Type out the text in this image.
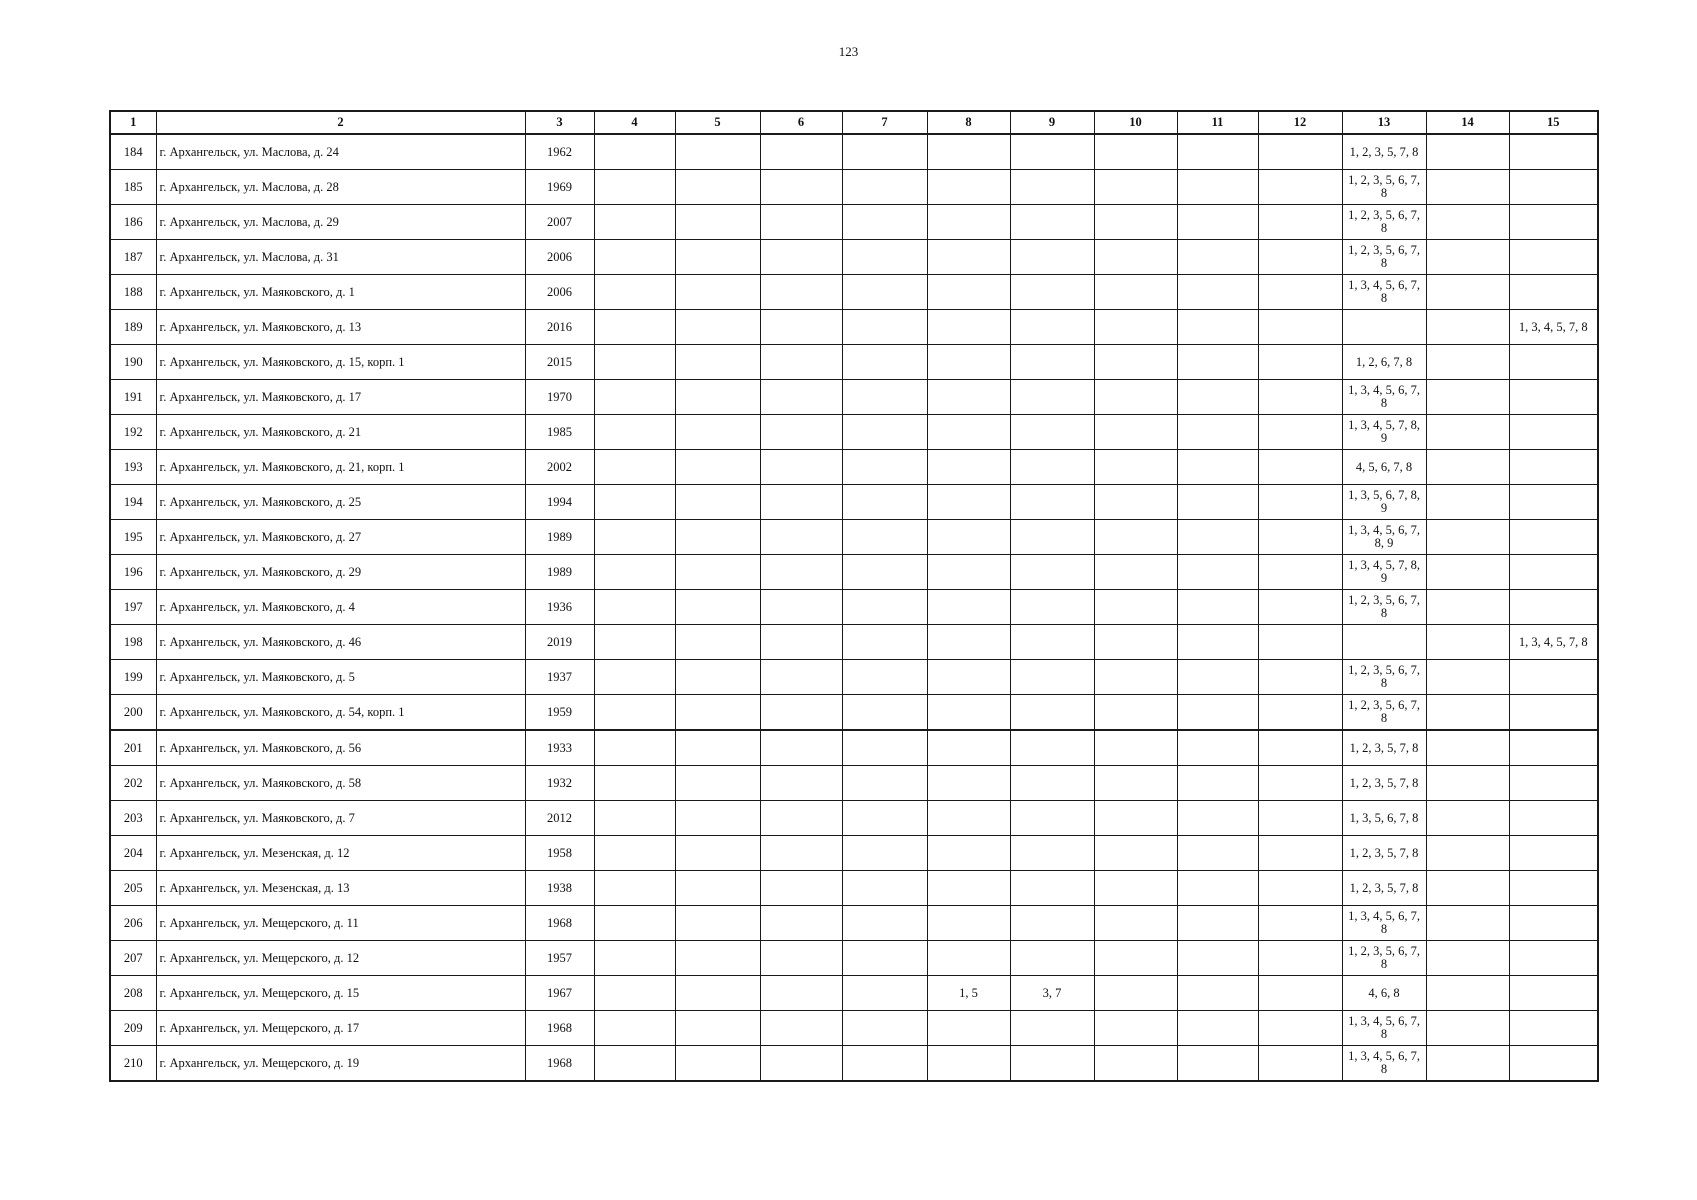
123
1	2	3	4	5	6	7	8	9	10	11	12	13	14	15
184	г. Архангельск, ул. Маслова, д. 24	1962										1, 2, 3, 5, 7, 8		
185	г. Архангельск, ул. Маслова, д. 28	1969										1, 2, 3, 5, 6, 7, 8		
186	г. Архангельск, ул. Маслова, д. 29	2007										1, 2, 3, 5, 6, 7, 8		
187	г. Архангельск, ул. Маслова, д. 31	2006										1, 2, 3, 5, 6, 7, 8		
188	г. Архангельск, ул. Маяковского, д. 1	2006										1, 3, 4, 5, 6, 7, 8		
189	г. Архангельск, ул. Маяковского, д. 13	2016												1, 3, 4, 5, 7, 8
190	г. Архангельск, ул. Маяковского, д. 15, корп. 1	2015										1, 2, 6, 7, 8		
191	г. Архангельск, ул. Маяковского, д. 17	1970										1, 3, 4, 5, 6, 7, 8		
192	г. Архангельск, ул. Маяковского, д. 21	1985										1, 3, 4, 5, 7, 8, 9		
193	г. Архангельск, ул. Маяковского, д. 21, корп. 1	2002										4, 5, 6, 7, 8		
194	г. Архангельск, ул. Маяковского, д. 25	1994										1, 3, 5, 6, 7, 8, 9		
195	г. Архангельск, ул. Маяковского, д. 27	1989										1, 3, 4, 5, 6, 7, 8, 9		
196	г. Архангельск, ул. Маяковского, д. 29	1989										1, 3, 4, 5, 7, 8, 9		
197	г. Архангельск, ул. Маяковского, д. 4	1936										1, 2, 3, 5, 6, 7, 8		
198	г. Архангельск, ул. Маяковского, д. 46	2019												1, 3, 4, 5, 7, 8
199	г. Архангельск, ул. Маяковского, д. 5	1937										1, 2, 3, 5, 6, 7, 8		
200	г. Архангельск, ул. Маяковского, д. 54, корп. 1	1959										1, 2, 3, 5, 6, 7, 8		
201	г. Архангельск, ул. Маяковского, д. 56	1933										1, 2, 3, 5, 7, 8		
202	г. Архангельск, ул. Маяковского, д. 58	1932										1, 2, 3, 5, 7, 8		
203	г. Архангельск, ул. Маяковского, д. 7	2012										1, 3, 5, 6, 7, 8		
204	г. Архангельск, ул. Мезенская, д. 12	1958										1, 2, 3, 5, 7, 8		
205	г. Архангельск, ул. Мезенская, д. 13	1938										1, 2, 3, 5, 7, 8		
206	г. Архангельск, ул. Мещерского, д. 11	1968										1, 3, 4, 5, 6, 7, 8		
207	г. Архангельск, ул. Мещерского, д. 12	1957										1, 2, 3, 5, 6, 7, 8		
208	г. Архангельск, ул. Мещерского, д. 15	1967					1, 5	3, 7				4, 6, 8		
209	г. Архангельск, ул. Мещерского, д. 17	1968										1, 3, 4, 5, 6, 7, 8		
210	г. Архангельск, ул. Мещерского, д. 19	1968										1, 3, 4, 5, 6, 7, 8		
